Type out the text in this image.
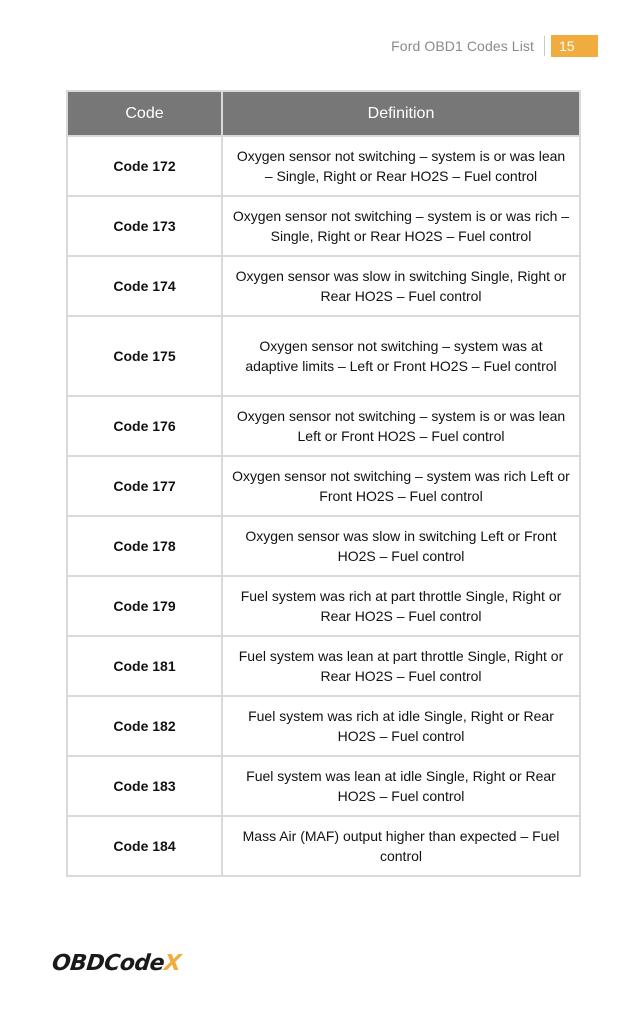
Ford OBD1 Codes List	15
Code	Definition
Code 172	Oxygen sensor not switching – system is or was lean – Single, Right or Rear HO2S – Fuel control
Code 173	Oxygen sensor not switching – system is or was rich – Single, Right or Rear HO2S – Fuel control
Code 174	Oxygen sensor was slow in switching Single, Right or Rear HO2S – Fuel control
Code 175	Oxygen sensor not switching – system was at adaptive limits – Left or Front HO2S – Fuel control
Code 176	Oxygen sensor not switching – system is or was lean Left or Front HO2S – Fuel control
Code 177	Oxygen sensor not switching – system was rich Left or Front HO2S – Fuel control
Code 178	Oxygen sensor was slow in switching Left or Front HO2S – Fuel control
Code 179	Fuel system was rich at part throttle Single, Right or Rear HO2S – Fuel control
Code 181	Fuel system was lean at part throttle Single, Right or Rear HO2S – Fuel control
Code 182	Fuel system was rich at idle Single, Right or Rear HO2S – Fuel control
Code 183	Fuel system was lean at idle Single, Right or Rear HO2S – Fuel control
Code 184	Mass Air (MAF) output higher than expected – Fuel control
OBDCodeX
